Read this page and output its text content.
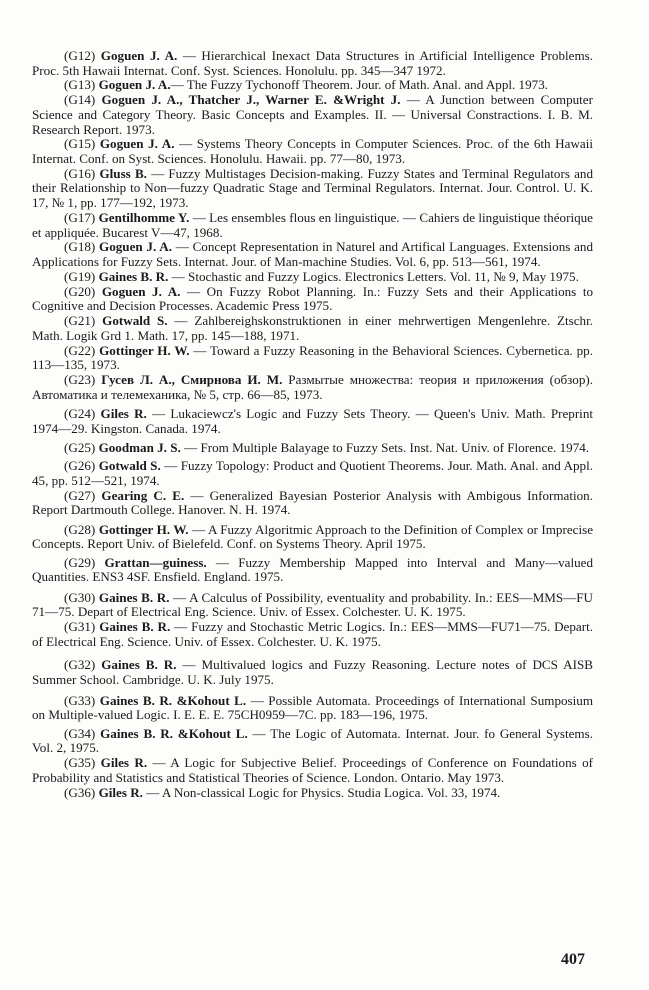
(G12) Goguen J. A. — Hierarchical Inexact Data Structures in Artificial Intelligence Problems. Proc. 5th Hawaii Internat. Conf. Syst. Sciences. Honolulu. pp. 345—347 1972.

(G13) Goguen J. A.— The Fuzzy Tychonoff Theorem. Jour. of Math. Anal. and Appl. 1973.

(G14) Goguen J. A., Thatcher J., Warner E. &Wright J. — A Junction between Computer Science and Category Theory. Basic Concepts and Examples. II. — Universal Constractions. I. B. M. Research Report. 1973.

(G15) Goguen J. A. — Systems Theory Concepts in Computer Sciences. Proc. of the 6th Hawaii Internat. Conf. on Syst. Sciences. Honolulu. Hawaii. pp. 77—80, 1973.

(G16) Gluss B. — Fuzzy Multistages Decision-making. Fuzzy States and Terminal Regulators and their Relationship to Non—fuzzy Quadratic Stage and Terminal Regulators. Internat. Jour. Control. U. K. 17, № 1, pp. 177—192, 1973.

(G17) Gentilhomme Y. — Les ensembles flous en linguistique. — Cahiers de linguistique théorique et appliquée. Bucarest V—47, 1968.

(G18) Goguen J. A. — Concept Representation in Naturel and Artifical Languages. Extensions and Applications for Fuzzy Sets. Internat. Jour. of Man-machine Studies. Vol. 6, pp. 513—561, 1974.

(G19) Gaines B. R. — Stochastic and Fuzzy Logics. Electronics Letters. Vol. 11, № 9, May 1975.

(G20) Goguen J. A. — On Fuzzy Robot Planning. In.: Fuzzy Sets and their Applications to Cognitive and Decision Processes. Academic Press 1975.

(G21) Gotwald S. — Zahlbereighskonstruktionen in einer mehrwertigen Mengenlehre. Ztschr. Math. Logik Grd 1. Math. 17, pp. 145—188, 1971.

(G22) Gottinger H. W. — Toward a Fuzzy Reasoning in the Behavioral Sciences. Cybernetica. pp. 113—135, 1973.

(G23) Гусев Л. А., Смирнова И. М. Размытые множества: теория и приложения (обзор). Автоматика и телемеханика, № 5, стр. 66—85, 1973.

(G24) Giles R. — Lukaciewcz's Logic and Fuzzy Sets Theory. — Queen's Univ. Math. Preprint 1974—29. Kingston. Canada. 1974.

(G25) Goodman J. S. — From Multiple Balayage to Fuzzy Sets. Inst. Nat. Univ. of Florence. 1974.

(G26) Gotwald S. — Fuzzy Topology: Product and Quotient Theorems. Jour. Math. Anal. and Appl. 45, pp. 512—521, 1974.

(G27) Gearing C. E. — Generalized Bayesian Posterior Analysis with Ambigous Information. Report Dartmouth College. Hanover. N. H. 1974.

(G28) Gottinger H. W. — A Fuzzy Algoritmic Approach to the Definition of Complex or Imprecise Concepts. Report Univ. of Bielefeld. Conf. on Systems Theory. April 1975.

(G29) Grattan—guiness. — Fuzzy Membership Mapped into Interval and Many—valued Quantities. ENS3 4SF. Ensfield. England. 1975.

(G30) Gaines B. R. — A Calculus of Possibility, eventuality and probability. In.: EES—MMS—FU 71—75. Depart of Electrical Eng. Science. Univ. of Essex. Colchester. U. K. 1975.

(G31) Gaines B. R. — Fuzzy and Stochastic Metric Logics. In.: EES—MMS—FU71—75. Depart. of Electrical Eng. Science. Univ. of Essex. Colchester. U. K. 1975.

(G32) Gaines B. R. — Multivalued logics and Fuzzy Reasoning. Lecture notes of DCS AISB Summer School. Cambridge. U. K. July 1975.

(G33) Gaines B. R. &Kohout L. — Possible Automata. Proceedings of International Sumposium on Multiple-valued Logic. I. E. E. E. 75CH0959—7C. pp. 183—196, 1975.

(G34) Gaines B. R. &Kohout L. — The Logic of Automata. Internat. Jour. fo General Systems. Vol. 2, 1975.

(G35) Giles R. — A Logic for Subjective Belief. Proceedings of Conference on Foundations of Probability and Statistics and Statistical Theories of Science. London. Ontario. May 1973.

(G36) Giles R. — A Non-classical Logic for Physics. Studia Logica. Vol. 33, 1974.

407
